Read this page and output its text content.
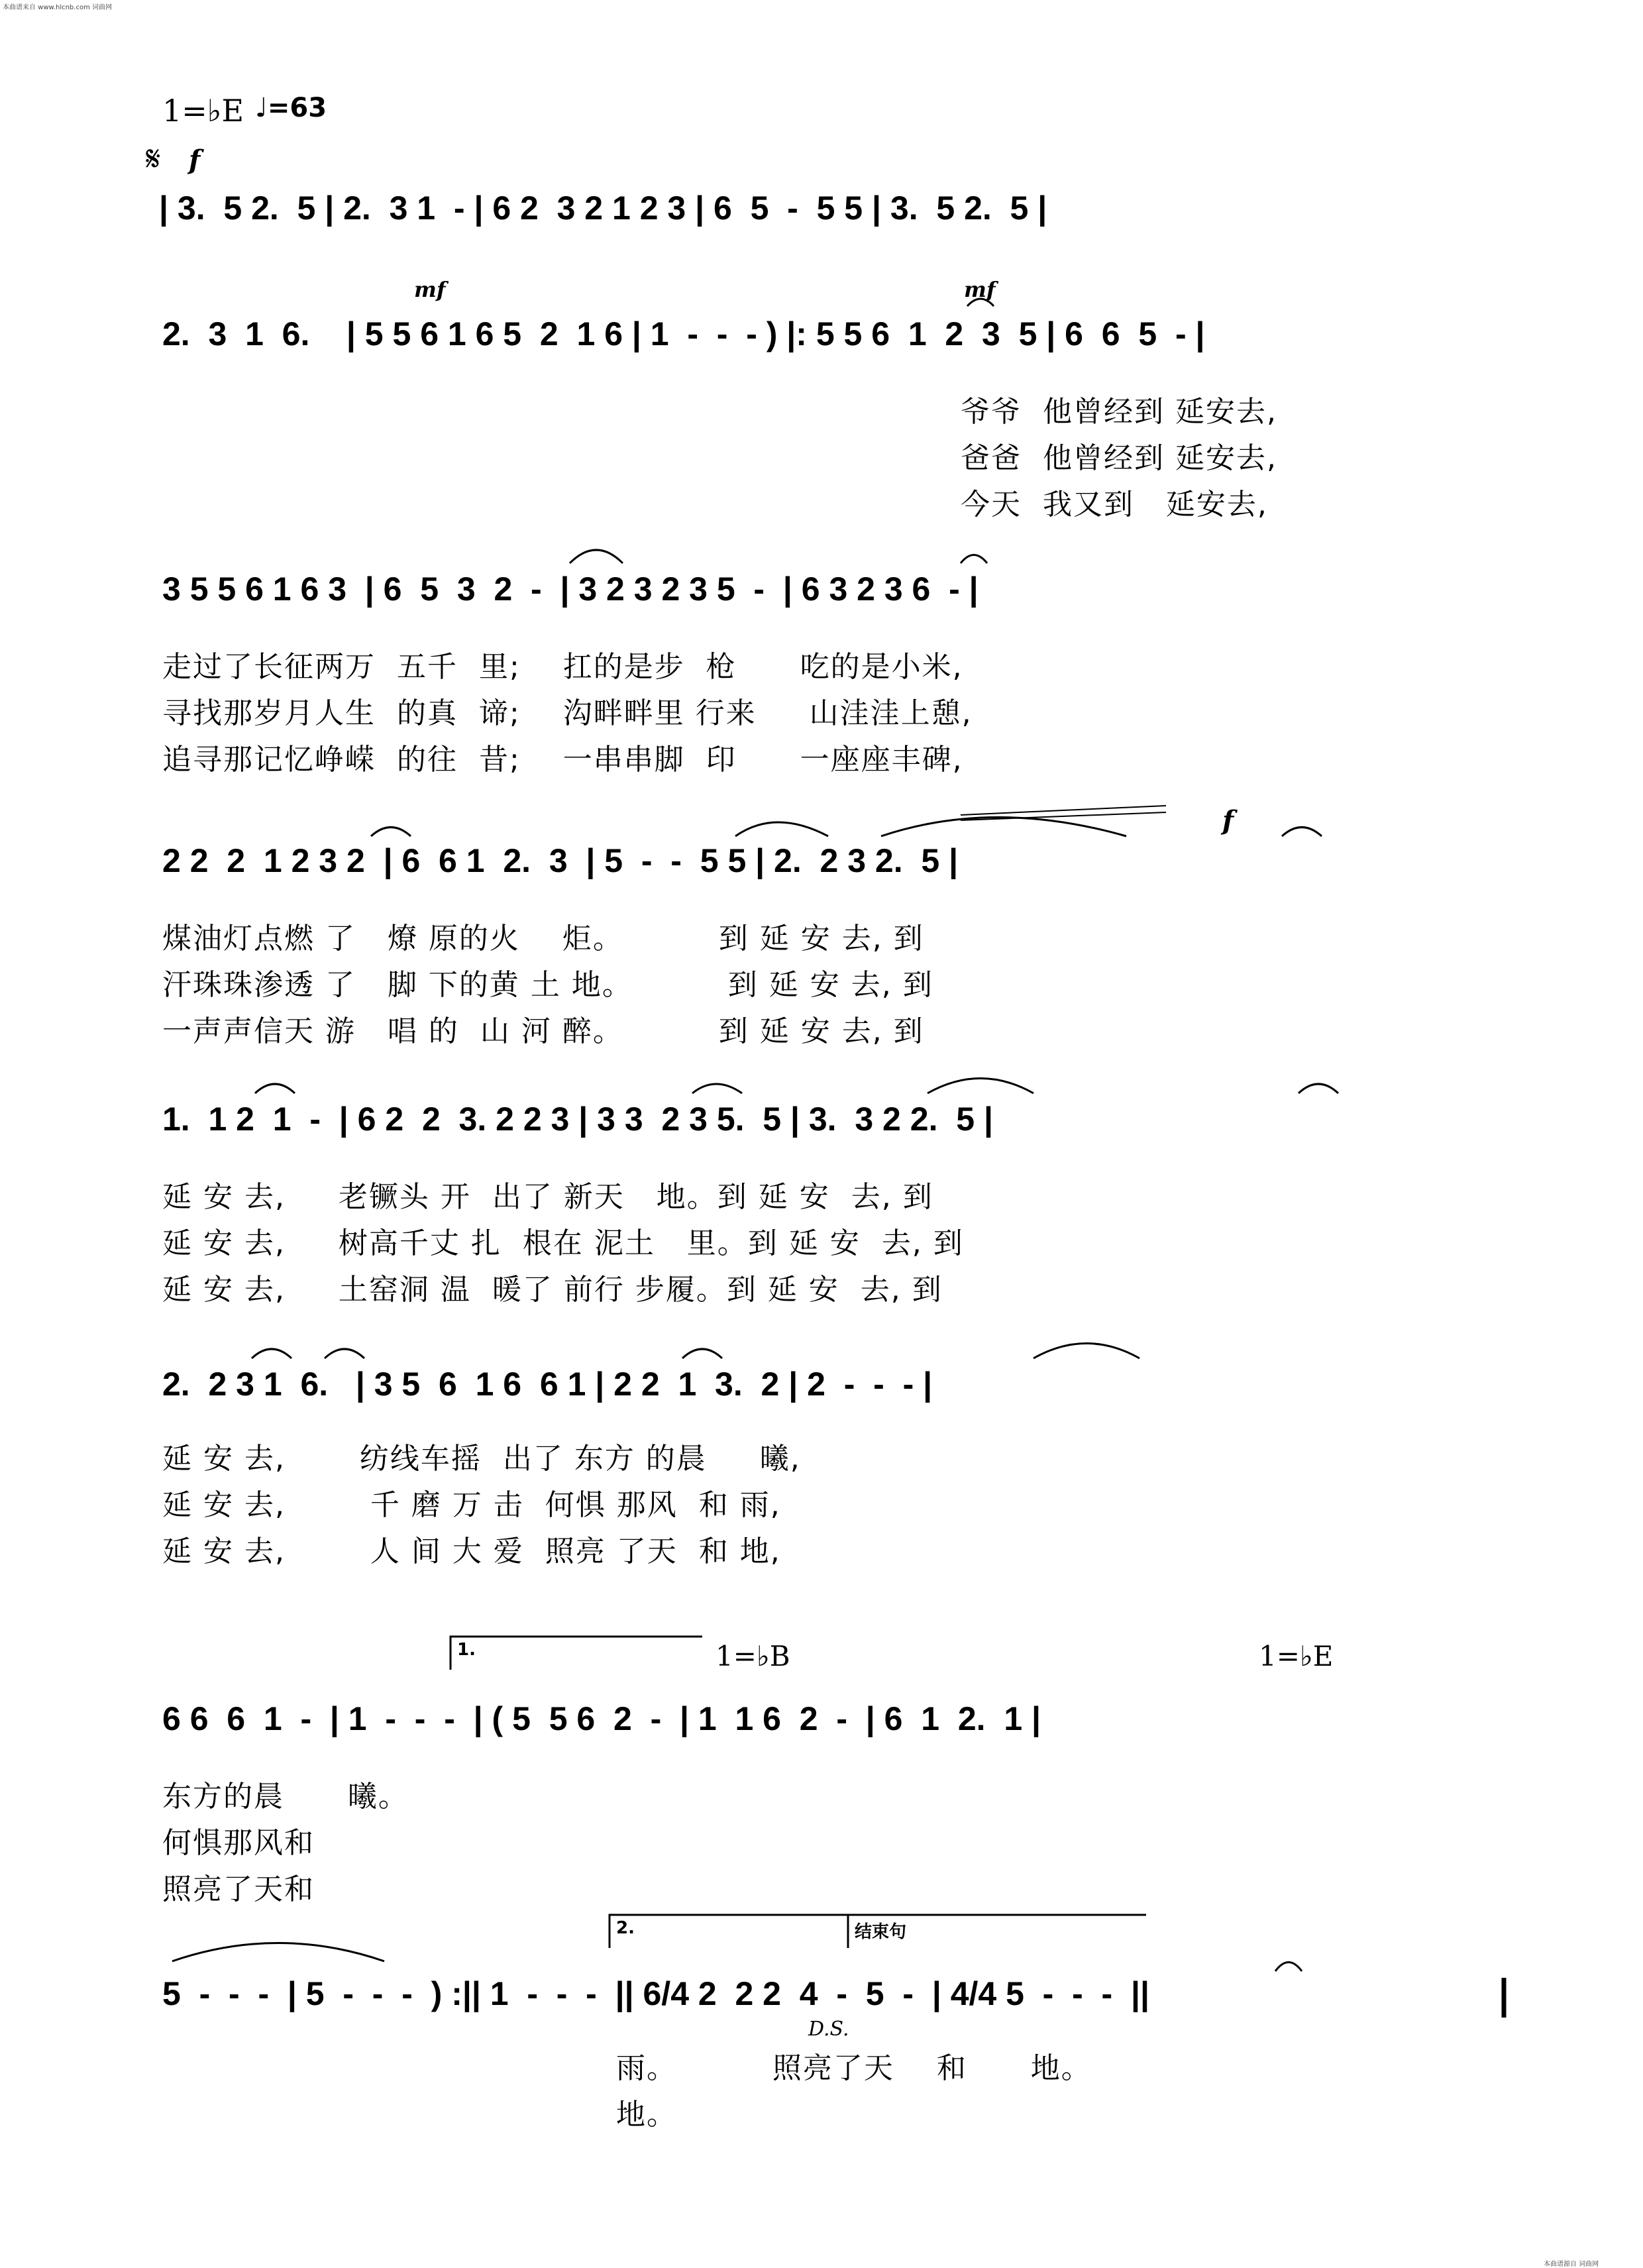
本曲谱来自 www.hlcnb.com 词曲网
本曲谱源自 词曲网
1=♭E ♩=63
𝄋 f
| 3.  5 2.  5 | 2.  3 1  - | 6 2  3 2 1 2 3 | 6  5  -  5 5 | 3.  5 2.  5 |
mf	mf
2.  3  1  6.    | 5 5 6 1 6 5  2  1 6 | 1  -  -  - ) |: 5 5 6  1  2  3  5 | 6  6  5  - |
爷爷  他曾经到 延安去,
爸爸  他曾经到 延安去,
今天  我又到   延安去,
3 5 5 6 1 6 3  | 6  5  3  2  -  | 3 2 3 2 3 5  -  | 6 3 2 3 6  - |
走过了长征两万  五千  里;    扛的是步  枪      吃的是小米,
寻找那岁月人生  的真  谛;    沟畔畔里 行来     山洼洼上憩,
追寻那记忆峥嵘  的往  昔;    一串串脚  印      一座座丰碑,
f
2 2  2  1 2 3 2  | 6  6 1  2.  3  | 5  -  -  5 5 | 2.  2 3 2.  5 |
煤油灯点燃 了   燎 原的火    炬。         到 延 安 去, 到
汗珠珠渗透 了   脚 下的黄 土 地。         到 延 安 去, 到
一声声信天 游   唱 的  山 河 醉。         到 延 安 去, 到
1.  1 2  1  -  | 6 2  2  3. 2 2 3 | 3 3  2 3 5.  5 | 3.  3 2 2.  5 |
延 安 去,     老镢头 开  出了 新天   地。到 延 安  去, 到
延 安 去,     树高千丈 扎  根在 泥土   里。到 延 安  去, 到
延 安 去,     土窑洞 温  暖了 前行 步履。到 延 安  去, 到
2.  2 3 1  6.   | 3 5  6  1 6  6 1 | 2 2  1  3.  2 | 2  -  -  - |
延 安 去,       纺线车摇  出了 东方 的晨     曦,
延 安 去,        千 磨 万 击  何惧 那风  和 雨,
延 安 去,        人 间 大 爱  照亮 了天  和 地,
1.	1=♭B	1=♭E
6 6  6  1  -  | 1  -  -  -  | ( 5  5 6  2  -  | 1  1 6  2  -  | 6  1  2.  1 |
东方的晨      曦。
何惧那风和
照亮了天和
2.	结束句
5  -  -  -  | 5  -  -  -  ) :|| 1  -  -  -  || 6/4 2  2 2  4  -  5  -  | 4/4 5  -  -  -  ||
D.S.
雨。         照亮了天    和      地。
地。
